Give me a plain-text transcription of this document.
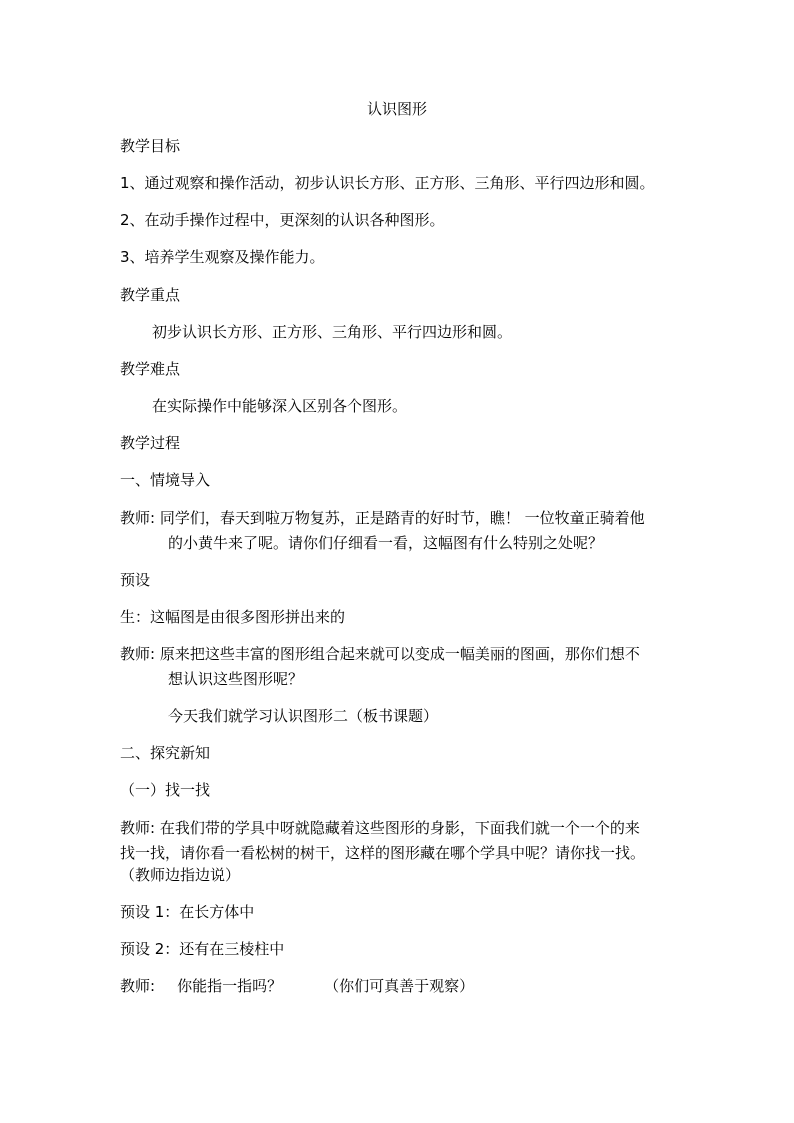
认识图形
教学目标
1、通过观察和操作活动，初步认识长方形、正方形、三角形、平行四边形和圆。
2、在动手操作过程中，更深刻的认识各种图形。
3、培养学生观察及操作能力。
教学重点
初步认识长方形、正方形、三角形、平行四边形和圆。
教学难点
在实际操作中能够深入区别各个图形。
教学过程
一、情境导入
教师: 同学们，春天到啦万物复苏，正是踏青的好时节，瞧！ 一位牧童正骑着他
的小黄牛来了呢。请你们仔细看一看，这幅图有什么特别之处呢？
预设
生：这幅图是由很多图形拼出来的
教师: 原来把这些丰富的图形组合起来就可以变成一幅美丽的图画，那你们想不
想认识这些图形呢？
今天我们就学习认识图形二（板书课题）
二、探究新知
（一）找一找
教师: 在我们带的学具中呀就隐藏着这些图形的身影，下面我们就一个一个的来
找一找，请你看一看松树的树干，这样的图形藏在哪个学具中呢？请你找一找。
（教师边指边说）
预设 1：在长方体中
预设 2：还有在三棱柱中
教师: 你能指一指吗？	（你们可真善于观察）
